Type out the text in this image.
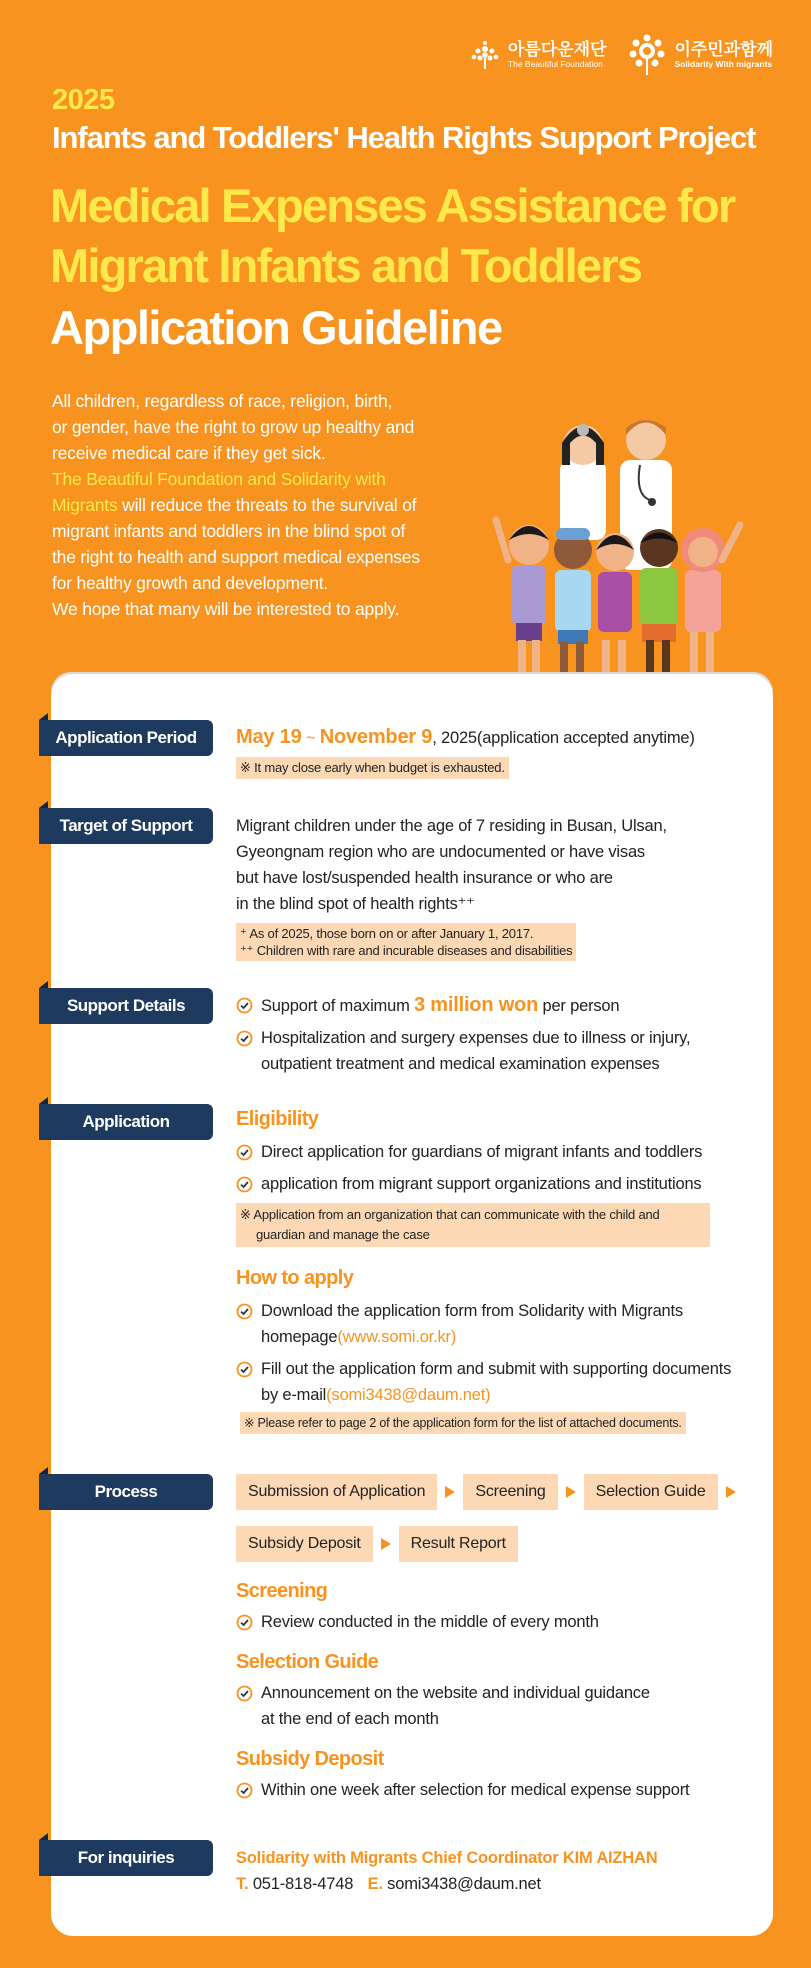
아름다운재단
The Beautiful Foundation
이주민과함께
Solidarity With migrants
2025
Infants and Toddlers' Health Rights Support Project
Medical Expenses Assistance for
Migrant Infants and Toddlers
Application Guideline
All children, regardless of race, religion, birth,
or gender, have the right to grow up healthy and
receive medical care if they get sick.
The Beautiful Foundation and Solidarity with
Migrants will reduce the threats to the survival of
migrant infants and toddlers in the blind spot of
the right to health and support medical expenses
for healthy growth and development.
We hope that many will be interested to apply.
Application Period	May 19 ~ November 9, 2025(application accepted anytime)
※ It may close early when budget is exhausted.
Target of Support	Migrant children under the age of 7 residing in Busan, Ulsan,
Gyeongnam region who are undocumented or have visas
but have lost/suspended health insurance or who are
in the blind spot of health rights⁺⁺
⁺ As of 2025, those born on or after January 1, 2017.
⁺⁺ Children with rare and incurable diseases and disabilities
Support Details	Support of maximum 3 million won per person
Hospitalization and surgery expenses due to illness or injury,
outpatient treatment and medical examination expenses
Application	Eligibility
Direct application for guardians of migrant infants and toddlers
application from migrant support organizations and institutions
※ Application from an organization that can communicate with the child and
guardian and manage the case
How to apply
Download the application form from Solidarity with Migrants
homepage(www.somi.or.kr)
Fill out the application form and submit with supporting documents
by e-mail(somi3438@daum.net)
※ Please refer to page 2 of the application form for the list of attached documents.
Process	Submission of Application	Screening	Selection Guide
Subsidy Deposit	Result Report
Screening
Review conducted in the middle of every month
Selection Guide
Announcement on the website and individual guidance
at the end of each month
Subsidy Deposit
Within one week after selection for medical expense support
For inquiries	Solidarity with Migrants Chief Coordinator KIM AIZHAN
T. 051-818-4748 E. somi3438@daum.net
